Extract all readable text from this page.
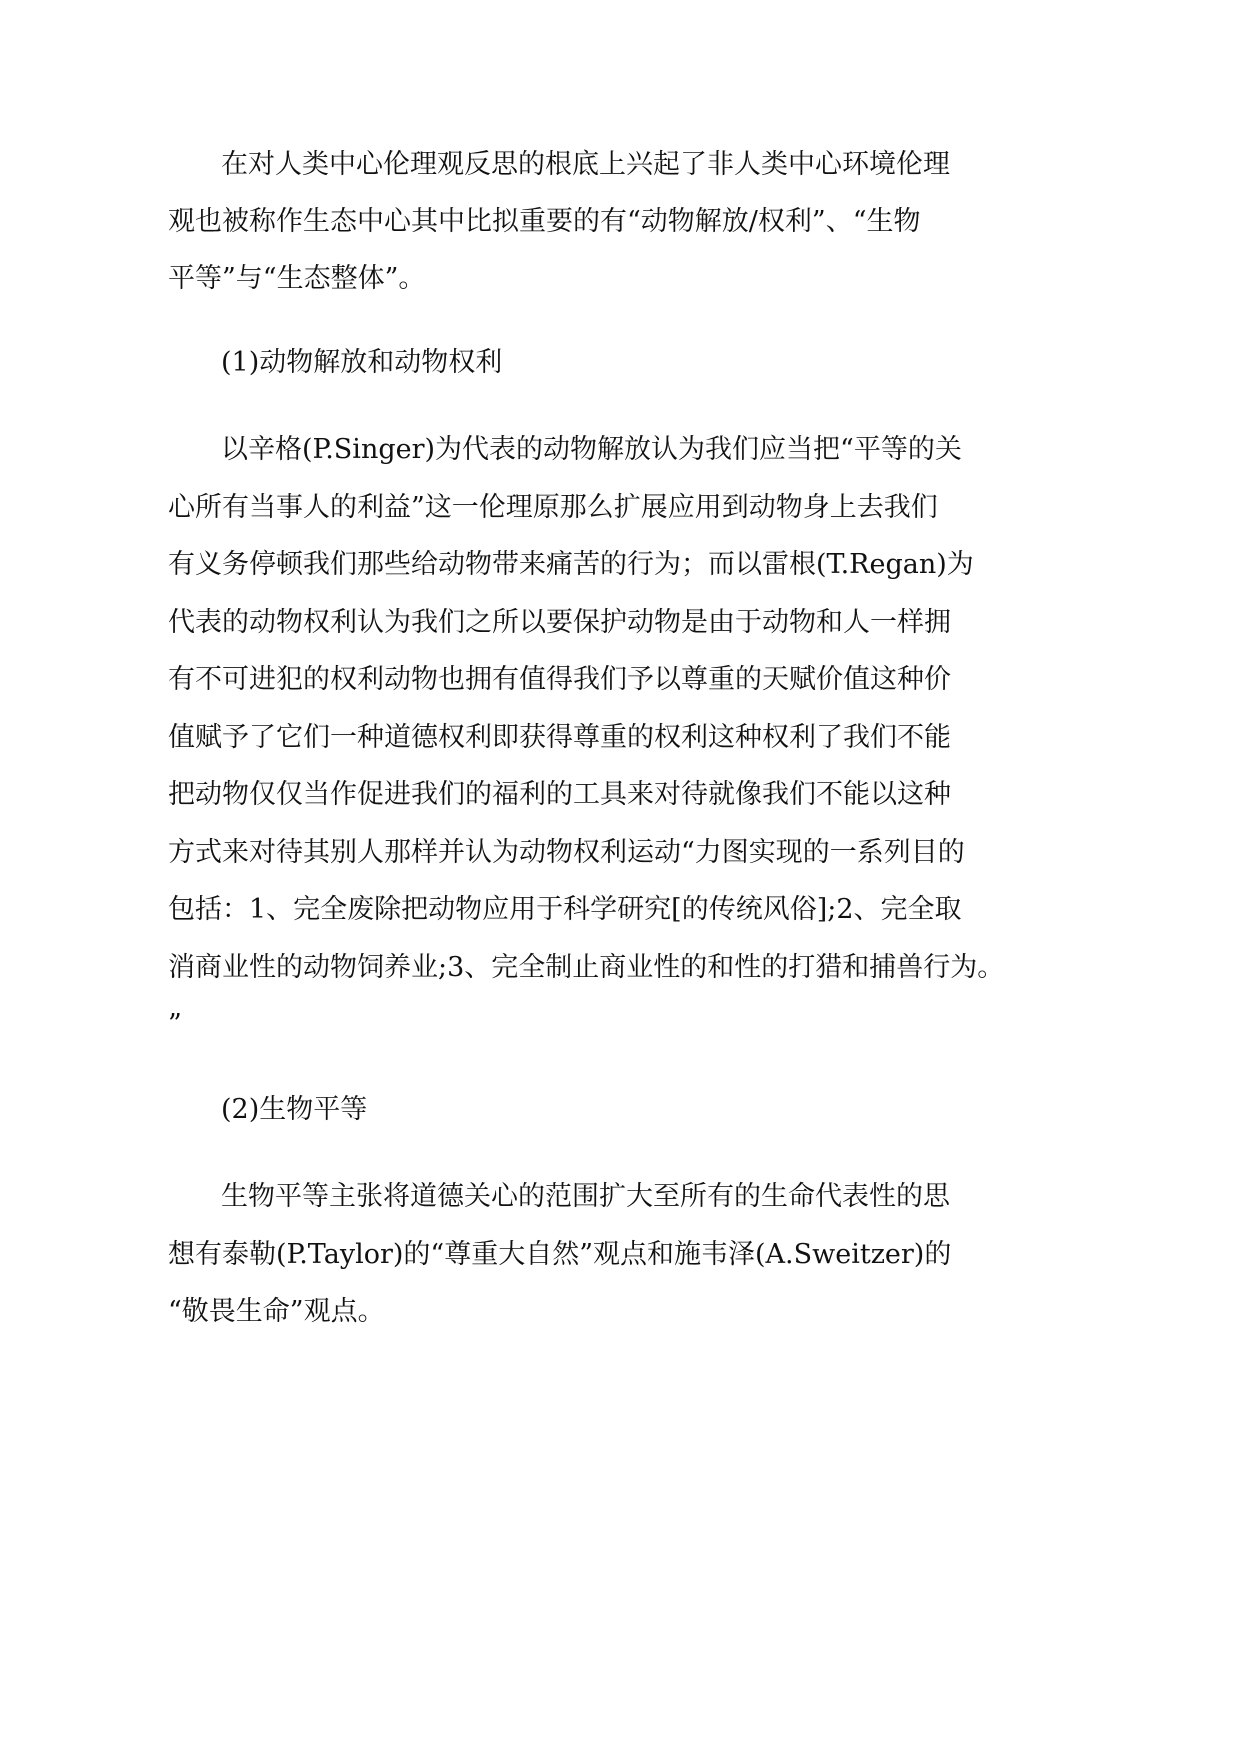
在对人类中心伦理观反思的根底上兴起了非人类中心环境伦理
观也被称作生态中心其中比拟重要的有“动物解放/权利”、“生物
平等”与“生态整体”。
(1)动物解放和动物权利
以辛格(P.Singer)为代表的动物解放认为我们应当把“平等的关
心所有当事人的利益”这一伦理原那么扩展应用到动物身上去我们
有义务停顿我们那些给动物带来痛苦的行为；而以雷根(T.Regan)为
代表的动物权利认为我们之所以要保护动物是由于动物和人一样拥
有不可进犯的权利动物也拥有值得我们予以尊重的天赋价值这种价
值赋予了它们一种道德权利即获得尊重的权利这种权利了我们不能
把动物仅仅当作促进我们的福利的工具来对待就像我们不能以这种
方式来对待其别人那样并认为动物权利运动“力图实现的一系列目的
包括：1、完全废除把动物应用于科学研究[的传统风俗];2、完全取
消商业性的动物饲养业;3、完全制止商业性的和性的打猎和捕兽行为。
”
(2)生物平等
生物平等主张将道德关心的范围扩大至所有的生命代表性的思
想有泰勒(P.Taylor)的“尊重大自然”观点和施韦泽(A.Sweitzer)的
“敬畏生命”观点。
